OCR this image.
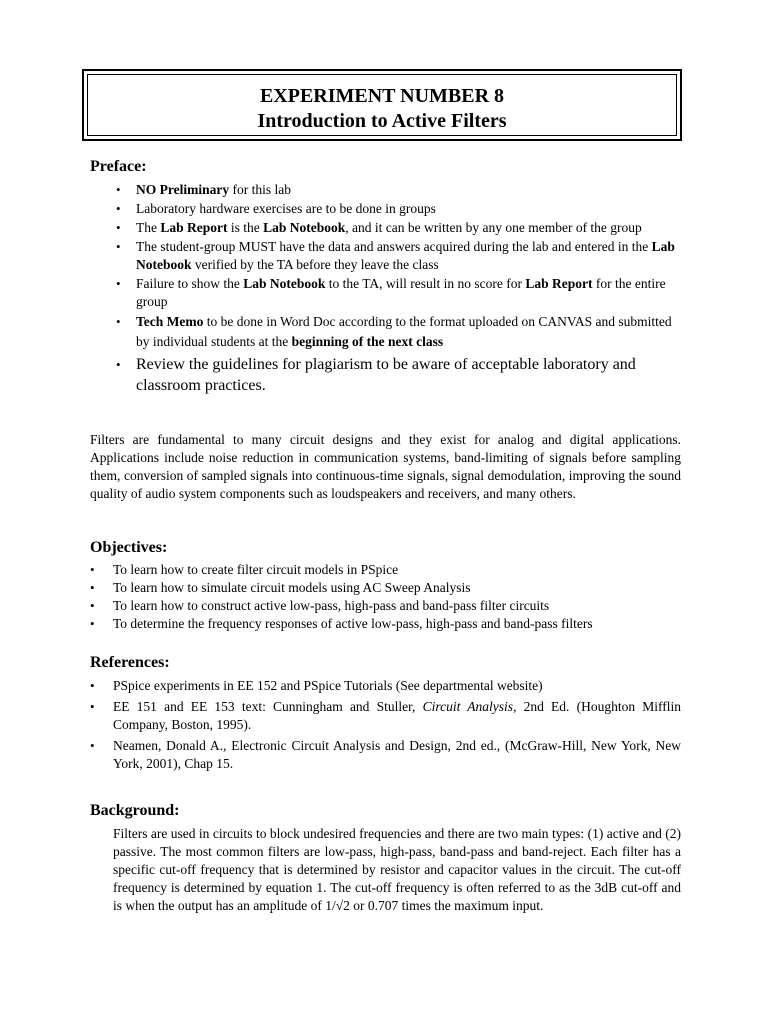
EXPERIMENT NUMBER 8
Introduction to Active Filters
Preface:
• NO Preliminary for this lab
• Laboratory hardware exercises are to be done in groups
• The Lab Report is the Lab Notebook, and it can be written by any one member of the group
• The student-group MUST have the data and answers acquired during the lab and entered in the Lab Notebook verified by the TA before they leave the class
• Failure to show the Lab Notebook to the TA, will result in no score for Lab Report for the entire group
• Tech Memo to be done in Word Doc according to the format uploaded on CANVAS and submitted by individual students at the beginning of the next class
• Review the guidelines for plagiarism to be aware of acceptable laboratory and classroom practices.
Filters are fundamental to many circuit designs and they exist for analog and digital applications. Applications include noise reduction in communication systems, band-limiting of signals before sampling them, conversion of sampled signals into continuous-time signals, signal demodulation, improving the sound quality of audio system components such as loudspeakers and receivers, and many others.
Objectives:
• To learn how to create filter circuit models in PSpice
• To learn how to simulate circuit models using AC Sweep Analysis
• To learn how to construct active low-pass, high-pass and band-pass filter circuits
• To determine the frequency responses of active low-pass, high-pass and band-pass filters
References:
• PSpice experiments in EE 152 and PSpice Tutorials (See departmental website)
• EE 151 and EE 153 text: Cunningham and Stuller, Circuit Analysis, 2nd Ed. (Houghton Mifflin Company, Boston, 1995).
• Neamen, Donald A., Electronic Circuit Analysis and Design, 2nd ed., (McGraw-Hill, New York, New York, 2001), Chap 15.
Background:
Filters are used in circuits to block undesired frequencies and there are two main types: (1) active and (2) passive. The most common filters are low-pass, high-pass, band-pass and band-reject. Each filter has a specific cut-off frequency that is determined by resistor and capacitor values in the circuit. The cut-off frequency is determined by equation 1. The cut-off frequency is often referred to as the 3dB cut-off and is when the output has an amplitude of 1/√2 or 0.707 times the maximum input.
